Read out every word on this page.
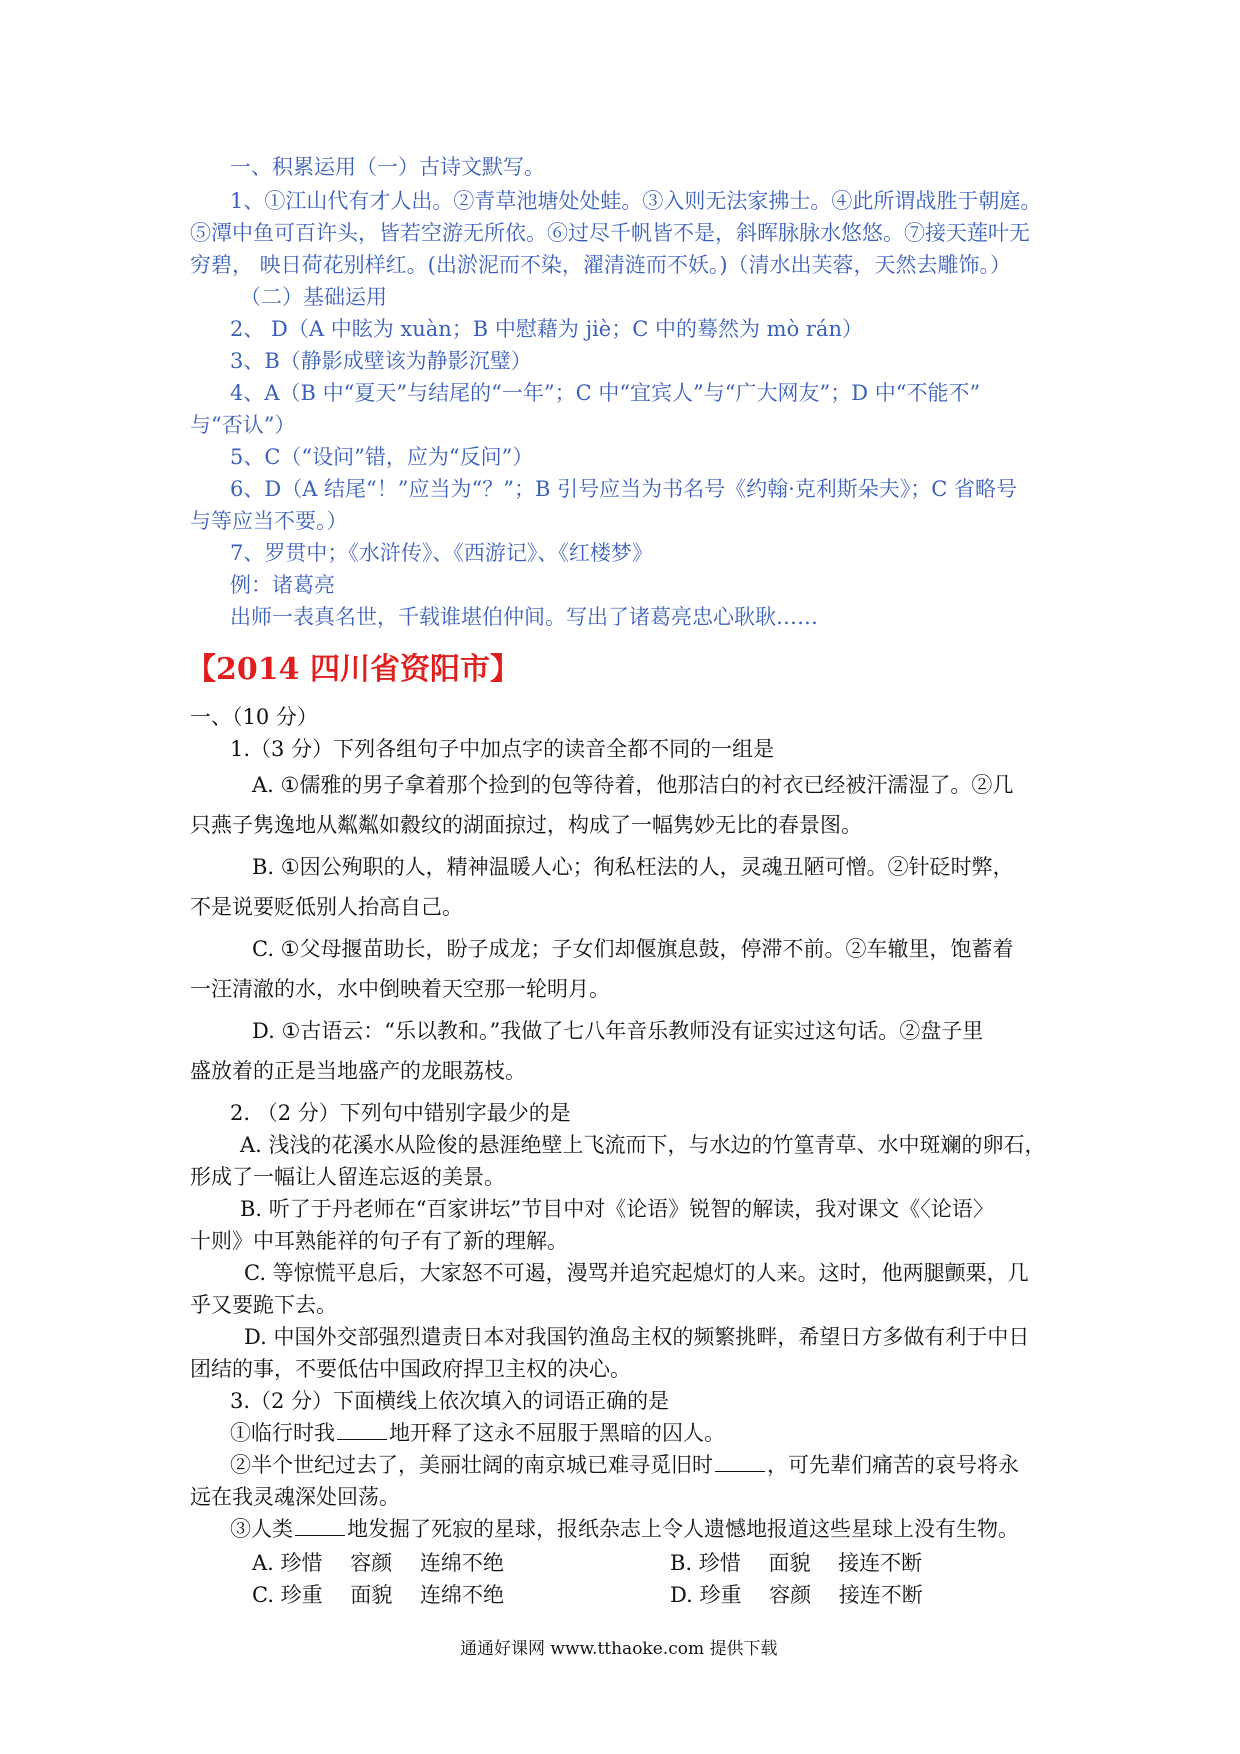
一、积累运用（一）古诗文默写。
1、①江山代有才人出。②青草池塘处处蛙。③入则无法家拂士。④此所谓战胜于朝庭。
⑤潭中鱼可百许头，皆若空游无所依。⑥过尽千帆皆不是，斜晖脉脉水悠悠。⑦接天莲叶无
穷碧， 映日荷花别样红。(出淤泥而不染，濯清涟而不妖。)（清水出芙蓉，天然去雕饰。）
（二）基础运用
2、 D（A 中眩为 xuàn；B 中慰藉为 jiè；C 中的蓦然为 mò rán）
3、B（静影成壁该为静影沉璧）
4、A（B 中“夏天”与结尾的“一年”；C 中“宜宾人”与“广大网友”；D 中“不能不”
与“否认”）
5、C（“设问”错，应为“反问”）
6、D（A 结尾“！”应当为“？”；B 引号应当为书名号《约翰·克利斯朵夫》；C 省略号
与等应当不要。）
7、罗贯中；《水浒传》、《西游记》、《红楼梦》
例：诸葛亮
出师一表真名世，千载谁堪伯仲间。写出了诸葛亮忠心耿耿……
【2014 四川省资阳市】
一、（10 分）
1.（3 分）下列各组句子中加点字的读音全都不同的一组是
A. ①儒雅的男子拿着那个捡到的包等待着，他那洁白的衬衣已经被汗濡湿了。②几
只燕子隽逸地从粼粼如縠纹的湖面掠过，构成了一幅隽妙无比的春景图。
B. ①因公殉职的人，精神温暖人心；徇私枉法的人，灵魂丑陋可憎。②针砭时弊，
不是说要贬低别人抬高自己。
C. ①父母揠苗助长，盼子成龙；子女们却偃旗息鼓，停滞不前。②车辙里，饱蓄着
一汪清澈的水，水中倒映着天空那一轮明月。
D. ①古语云：“乐以教和。”我做了七八年音乐教师没有证实过这句话。②盘子里
盛放着的正是当地盛产的龙眼荔枝。
2. （2 分）下列句中错别字最少的是
A. 浅浅的花溪水从险俊的悬涯绝壁上飞流而下，与水边的竹篁青草、水中斑斓的卵石，
形成了一幅让人留连忘返的美景。
B. 听了于丹老师在“百家讲坛”节目中对《论语》锐智的解读，我对课文《〈论语〉
十则》中耳熟能祥的句子有了新的理解。
C. 等惊慌平息后，大家怒不可遏，漫骂并追究起熄灯的人来。这时，他两腿颤栗，几
乎又要跪下去。
D. 中国外交部强烈遣责日本对我国钓渔岛主权的频繁挑畔，希望日方多做有利于中日
团结的事，不要低估中国政府捍卫主权的决心。
3.（2 分）下面横线上依次填入的词语正确的是
①临行时我	地开释了这永不屈服于黑暗的囚人。
②半个世纪过去了，美丽壮阔的南京城已难寻觅旧时	，可先辈们痛苦的哀号将永
远在我灵魂深处回荡。
③人类	地发掘了死寂的星球，报纸杂志上令人遗憾地报道这些星球上没有生物。
A. 珍惜　 容颜　 连绵不绝	B. 珍惜　 面貌　 接连不断
C. 珍重　 面貌　 连绵不绝	D. 珍重　 容颜　 接连不断
通通好课网 www.tthaoke.com 提供下载
